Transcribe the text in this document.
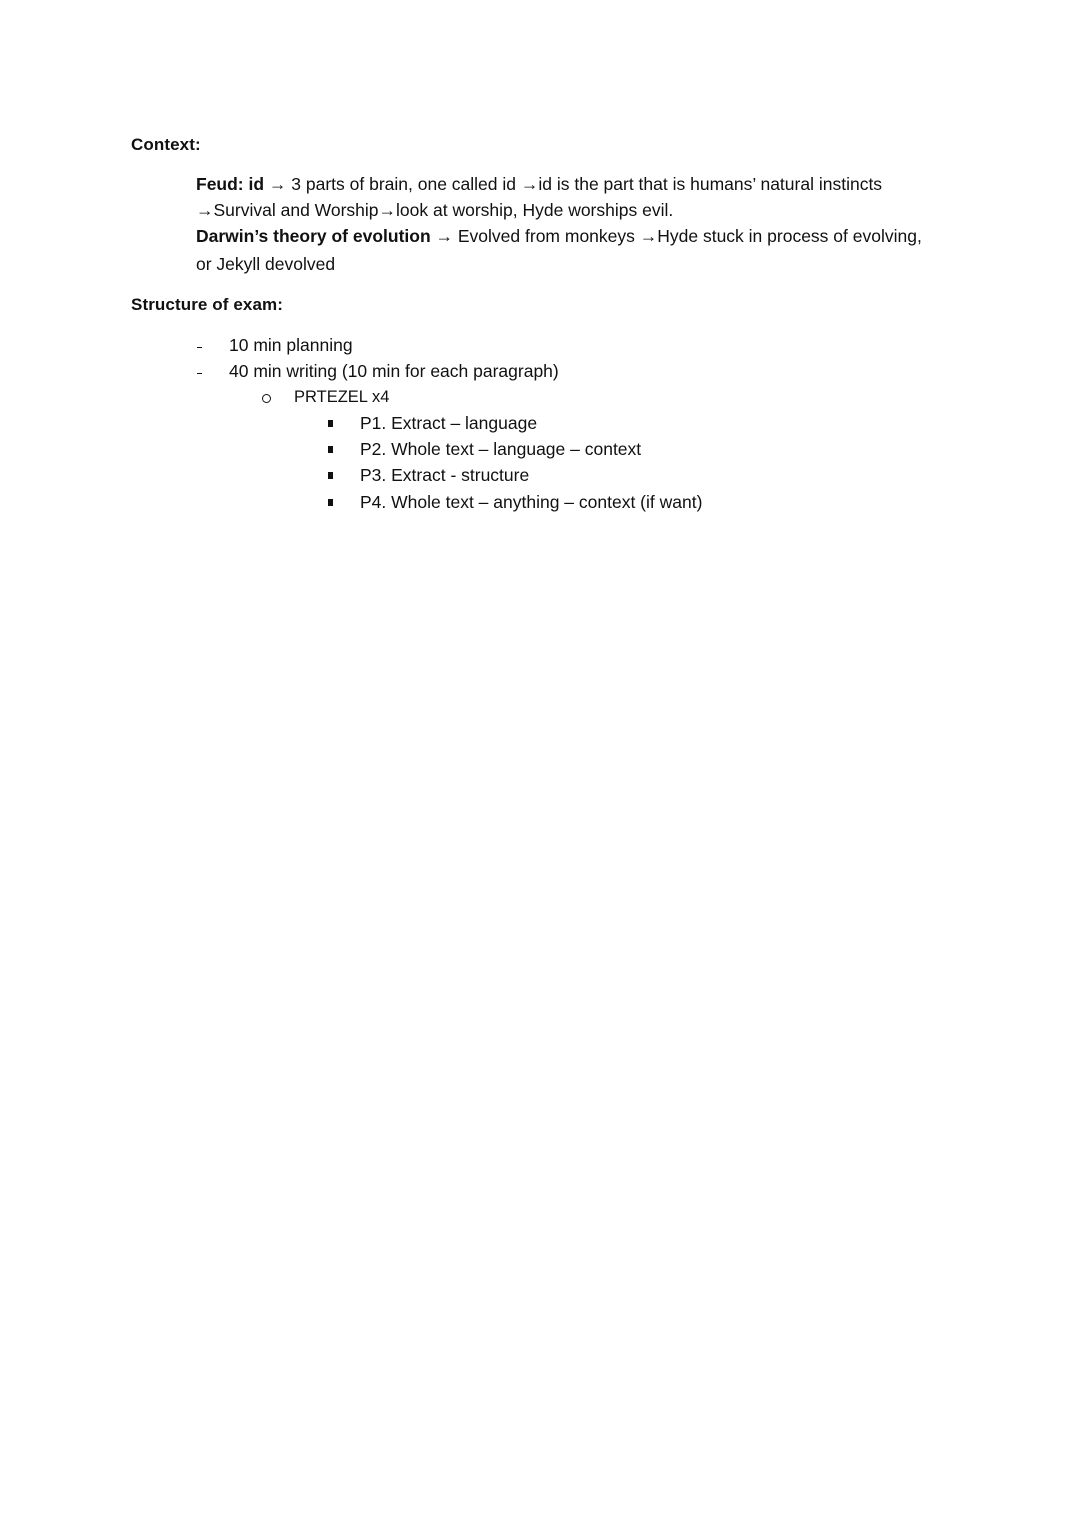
Context:
Feud: id → 3 parts of brain, one called id →id is the part that is humans’ natural instincts
→Survival and Worship→look at worship, Hyde worships evil.
Darwin’s theory of evolution → Evolved from monkeys →Hyde stuck in process of evolving,
or Jekyll devolved
Structure of exam:
10 min planning
40 min writing (10 min for each paragraph)
PRTEZEL x4
P1. Extract – language
P2. Whole text – language – context
P3. Extract - structure
P4. Whole text – anything – context (if want)
